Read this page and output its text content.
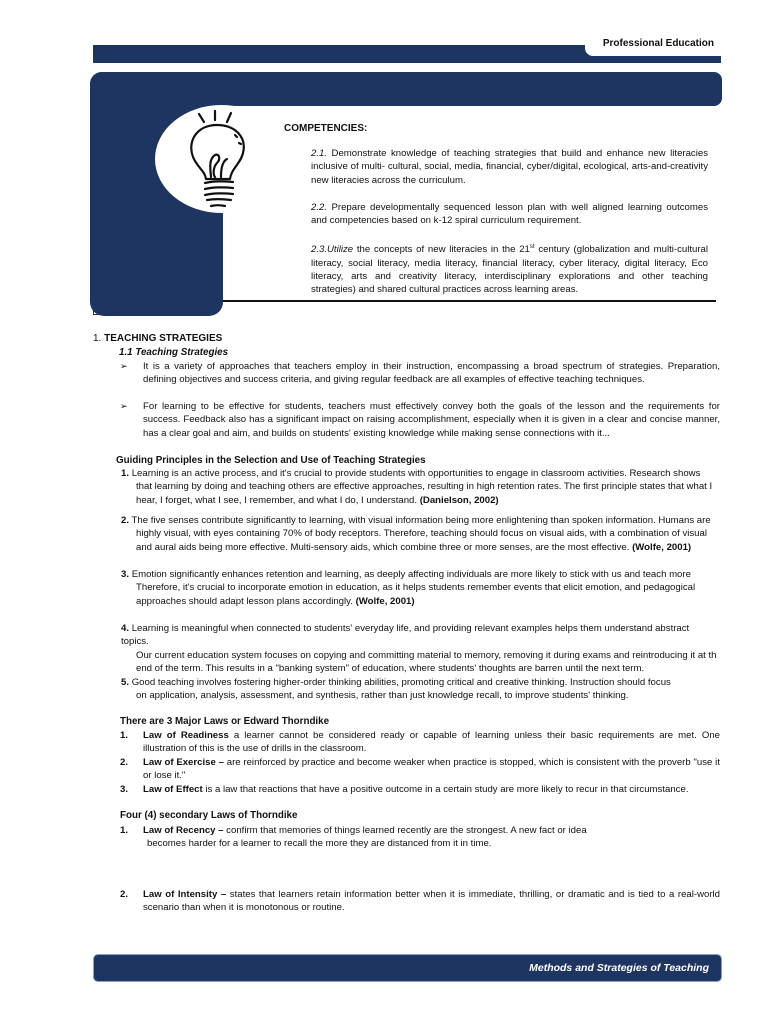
Professional Education
COMPETENCIES:

2.1. Demonstrate knowledge of teaching strategies that build and enhance new literacies inclusive of multi- cultural, social, media, financial, cyber/digital, ecological, arts-and-creativity new literacies across the curriculum.

2.2. Prepare developmentally sequenced lesson plan with well aligned learning outcomes and competencies based on k-12 spiral curriculum requirement.

2.3.Utilize the concepts of new literacies in the 21st century (globalization and multi-cultural literacy, social literacy, media literacy, financial literacy, cyber literacy, digital literacy, Eco literacy, arts and creativity literacy, interdisciplinary explorations and other teaching strategies) and shared cultural practices across learning areas.

1. TEACHING STRATEGIES
1.1 Teaching Strategies
➢ It is a variety of approaches that teachers employ in their instruction, encompassing a broad spectrum of strategies. Preparation, defining objectives and success criteria, and giving regular feedback are all examples of effective teaching techniques.
➢ For learning to be effective for students, teachers must effectively convey both the goals of the lesson and the requirements for success. Feedback also has a significant impact on raising accomplishment, especially when it is given in a clear and concise manner, has a clear goal and aim, and builds on students' existing knowledge while making sense connections with it...
Guiding Principles in the Selection and Use of Teaching Strategies
1. Learning is an active process, and it's crucial to provide students with opportunities to engage in classroom activities. Research shows
that learning by doing and teaching others are effective approaches, resulting in high retention rates. The first principle states that what I hear, I forget, what I see, I remember, and what I do, I understand. (Danielson, 2002)
2. The five senses contribute significantly to learning, with visual information being more enlightening than spoken information. Humans are
highly visual, with eyes containing 70% of body receptors. Therefore, teaching should focus on visual aids, with a combination of visual and aural aids being more effective. Multi-sensory aids, which combine three or more senses, are the most effective. (Wolfe, 2001)
3. Emotion significantly enhances retention and learning, as deeply affecting individuals are more likely to stick with us and teach more
Therefore, it's crucial to incorporate emotion in education, as it helps students remember events that elicit emotion, and pedagogical approaches should adapt lesson plans accordingly. (Wolfe, 2001)
4. Learning is meaningful when connected to students' everyday life, and providing relevant examples helps them understand abstract topics.
Our current education system focuses on copying and committing material to memory, removing it during exams and reintroducing it at th end of the term. This results in a "banking system" of education, where students' thoughts are barren until the next term.
5. Good teaching involves fostering higher-order thinking abilities, promoting critical and creative thinking. Instruction should focus
on application, analysis, assessment, and synthesis, rather than just knowledge recall, to improve students' thinking.
There are 3 Major Laws or Edward Thorndike
1. Law of Readiness a learner cannot be considered ready or capable of learning unless their basic requirements are met. One illustration of this is the use of drills in the classroom.
2. Law of Exercise – are reinforced by practice and become weaker when practice is stopped, which is consistent with the proverb "use it or lose it."
3. Law of Effect is a law that reactions that have a positive outcome in a certain study are more likely to recur in that circumstance.
Four (4) secondary Laws of Thorndike
1. Law of Recency – confirm that memories of things learned recently are the strongest. A new fact or idea
becomes harder for a learner to recall the more they are distanced from it in time.
2. Law of Intensity – states that learners retain information better when it is immediate, thrilling, or dramatic and is tied to a real-world scenario than when it is monotonous or routine.
Methods and Strategies of Teaching
